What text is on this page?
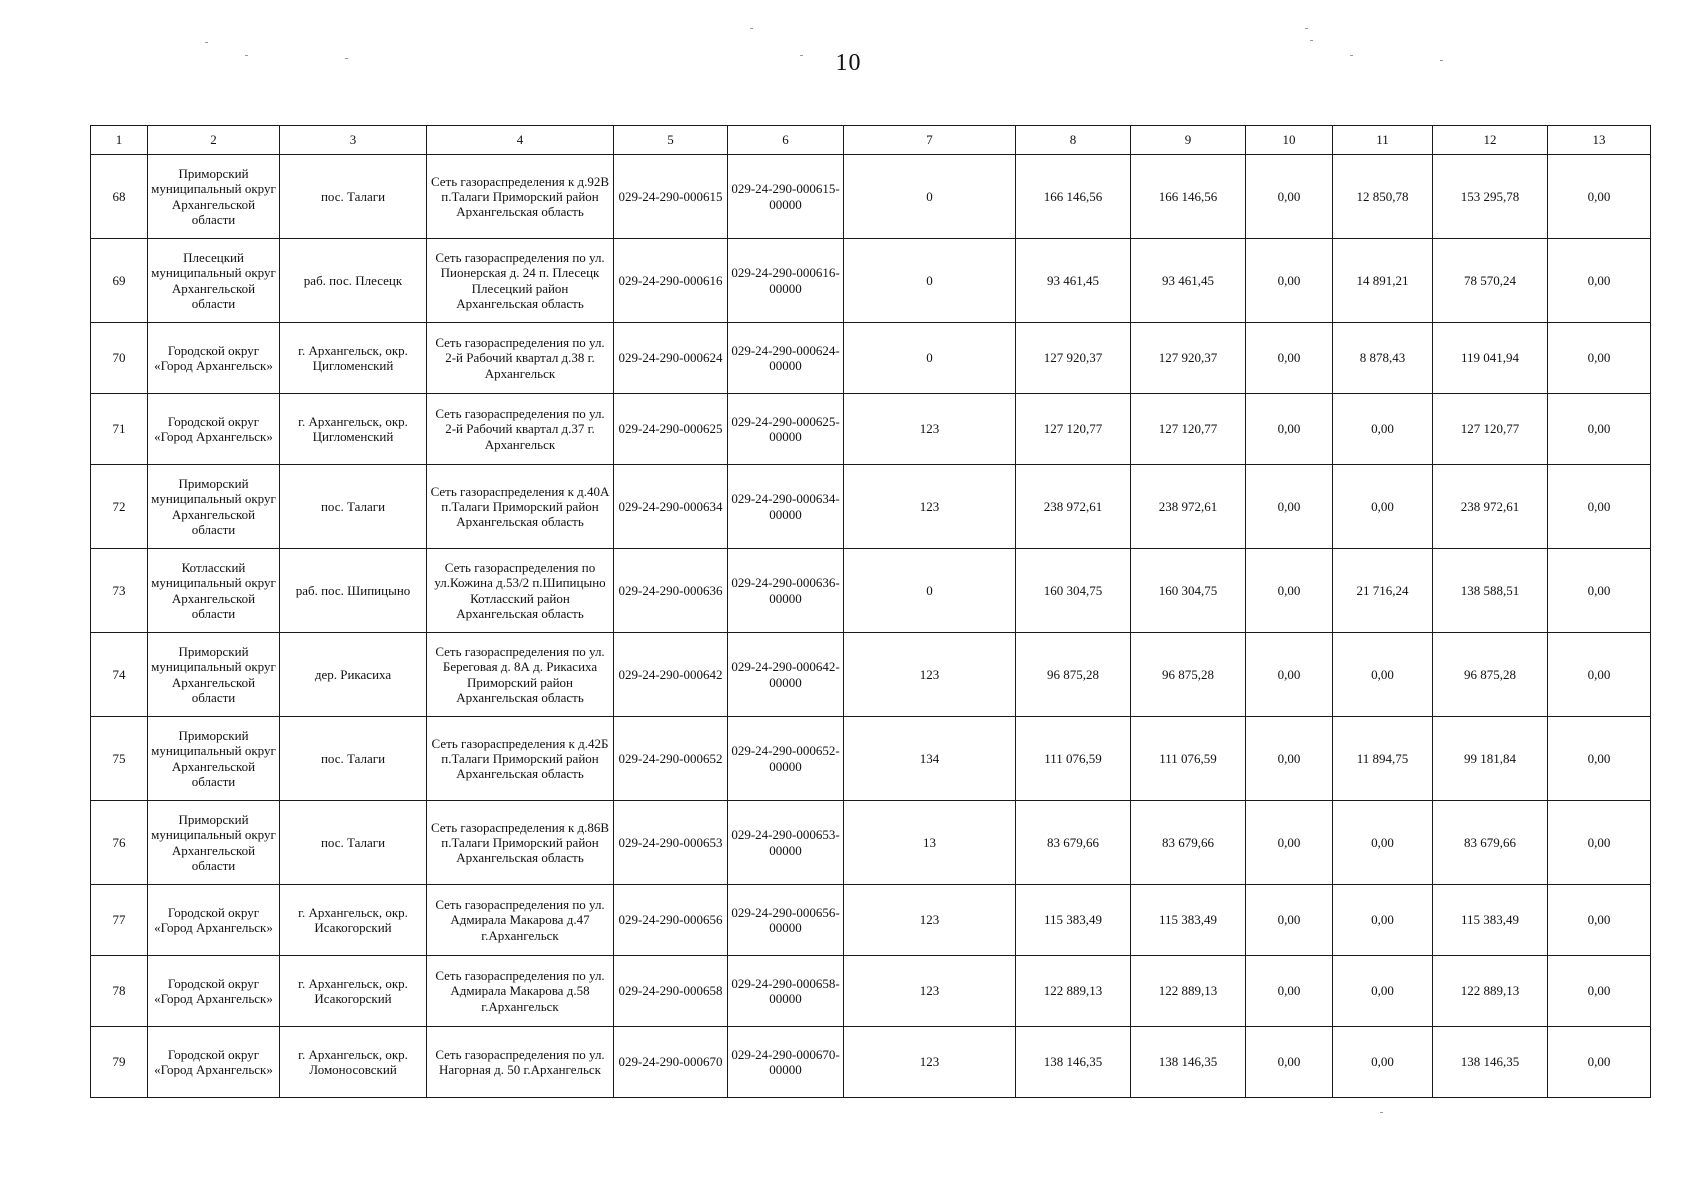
10
1	2	3	4	5	6	7	8	9	10	11	12	13
68	Приморский муниципальный округ Архангельской области	пос. Талаги	Сеть газораспределения к д.92В п.Талаги Приморский район Архангельская область	029-24-290-000615	029-24-290-000615-00000	0	166 146,56	166 146,56	0,00	12 850,78	153 295,78	0,00
69	Плесецкий муниципальный округ Архангельской области	раб. пос. Плесецк	Сеть газораспределения по ул. Пионерская д. 24 п. Плесецк Плесецкий район Архангельская область	029-24-290-000616	029-24-290-000616-00000	0	93 461,45	93 461,45	0,00	14 891,21	78 570,24	0,00
70	Городской округ «Город Архангельск»	г. Архангельск, окр. Цигломенский	Сеть газораспределения по ул. 2-й Рабочий квартал д.38 г. Архангельск	029-24-290-000624	029-24-290-000624-00000	0	127 920,37	127 920,37	0,00	8 878,43	119 041,94	0,00
71	Городской округ «Город Архангельск»	г. Архангельск, окр. Цигломенский	Сеть газораспределения по ул. 2-й Рабочий квартал д.37 г. Архангельск	029-24-290-000625	029-24-290-000625-00000	123	127 120,77	127 120,77	0,00	0,00	127 120,77	0,00
72	Приморский муниципальный округ Архангельской области	пос. Талаги	Сеть газораспределения к д.40А п.Талаги Приморский район Архангельская область	029-24-290-000634	029-24-290-000634-00000	123	238 972,61	238 972,61	0,00	0,00	238 972,61	0,00
73	Котласский муниципальный округ Архангельской области	раб. пос. Шипицыно	Сеть газораспределения по ул.Кожина д.53/2 п.Шипицыно Котласский район Архангельская область	029-24-290-000636	029-24-290-000636-00000	0	160 304,75	160 304,75	0,00	21 716,24	138 588,51	0,00
74	Приморский муниципальный округ Архангельской области	дер. Рикасиха	Сеть газораспределения по ул. Береговая д. 8А д. Рикасиха Приморский район Архангельская область	029-24-290-000642	029-24-290-000642-00000	123	96 875,28	96 875,28	0,00	0,00	96 875,28	0,00
75	Приморский муниципальный округ Архангельской области	пос. Талаги	Сеть газораспределения к д.42Б п.Талаги Приморский район Архангельская область	029-24-290-000652	029-24-290-000652-00000	134	111 076,59	111 076,59	0,00	11 894,75	99 181,84	0,00
76	Приморский муниципальный округ Архангельской области	пос. Талаги	Сеть газораспределения к д.86В п.Талаги Приморский район Архангельская область	029-24-290-000653	029-24-290-000653-00000	13	83 679,66	83 679,66	0,00	0,00	83 679,66	0,00
77	Городской округ «Город Архангельск»	г. Архангельск, окр. Исакогорский	Сеть газораспределения по ул. Адмирала Макарова д.47 г.Архангельск	029-24-290-000656	029-24-290-000656-00000	123	115 383,49	115 383,49	0,00	0,00	115 383,49	0,00
78	Городской округ «Город Архангельск»	г. Архангельск, окр. Исакогорский	Сеть газораспределения по ул. Адмирала Макарова д.58 г.Архангельск	029-24-290-000658	029-24-290-000658-00000	123	122 889,13	122 889,13	0,00	0,00	122 889,13	0,00
79	Городской округ «Город Архангельск»	г. Архангельск, окр. Ломоносовский	Сеть газораспределения по ул. Нагорная д. 50 г.Архангельск	029-24-290-000670	029-24-290-000670-00000	123	138 146,35	138 146,35	0,00	0,00	138 146,35	0,00
